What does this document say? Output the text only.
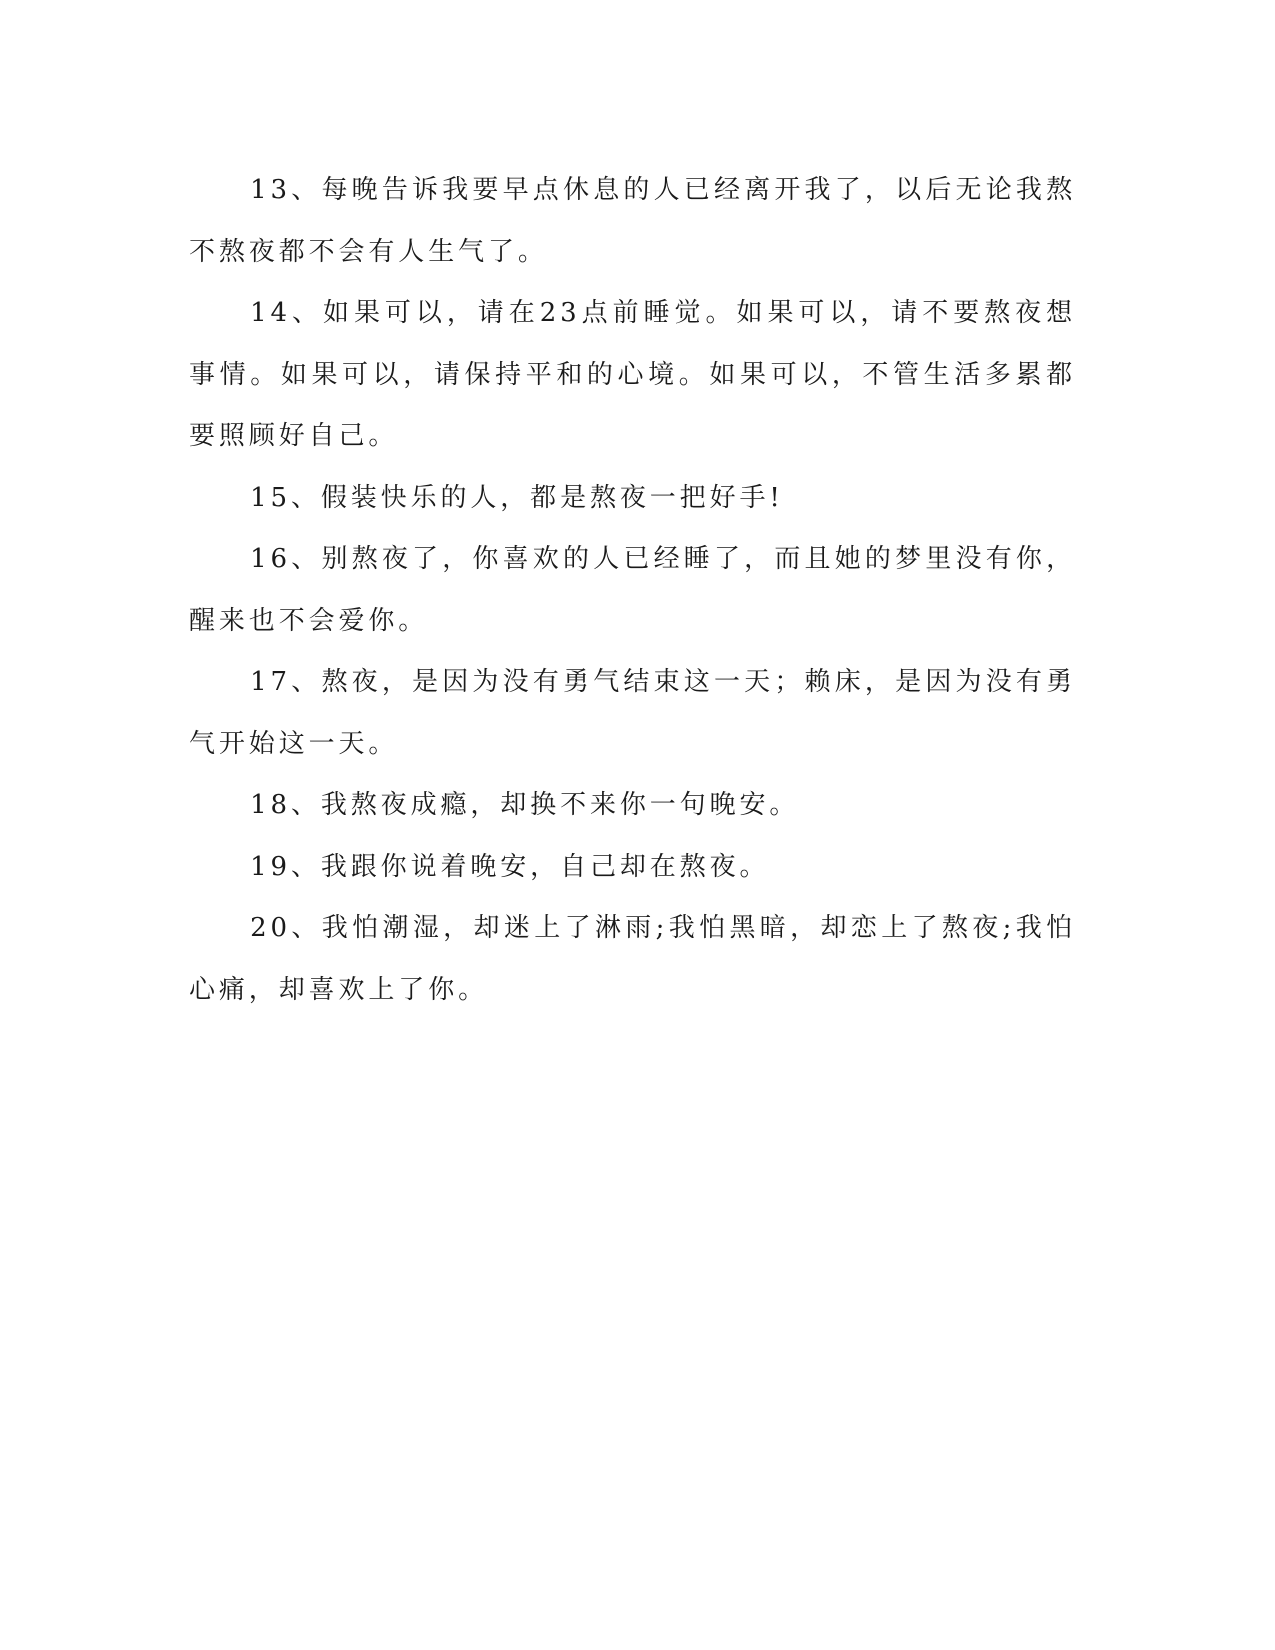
13、每晚告诉我要早点休息的人已经离开我了，以后无论我熬不熬夜都不会有人生气了。

14、如果可以，请在23点前睡觉。如果可以，请不要熬夜想事情。如果可以，请保持平和的心境。如果可以，不管生活多累都要照顾好自己。

15、假装快乐的人，都是熬夜一把好手!

16、别熬夜了，你喜欢的人已经睡了，而且她的梦里没有你，醒来也不会爱你。

17、熬夜，是因为没有勇气结束这一天；赖床，是因为没有勇气开始这一天。

18、我熬夜成瘾，却换不来你一句晚安。

19、我跟你说着晚安，自己却在熬夜。

20、我怕潮湿，却迷上了淋雨;我怕黑暗，却恋上了熬夜;我怕心痛，却喜欢上了你。
